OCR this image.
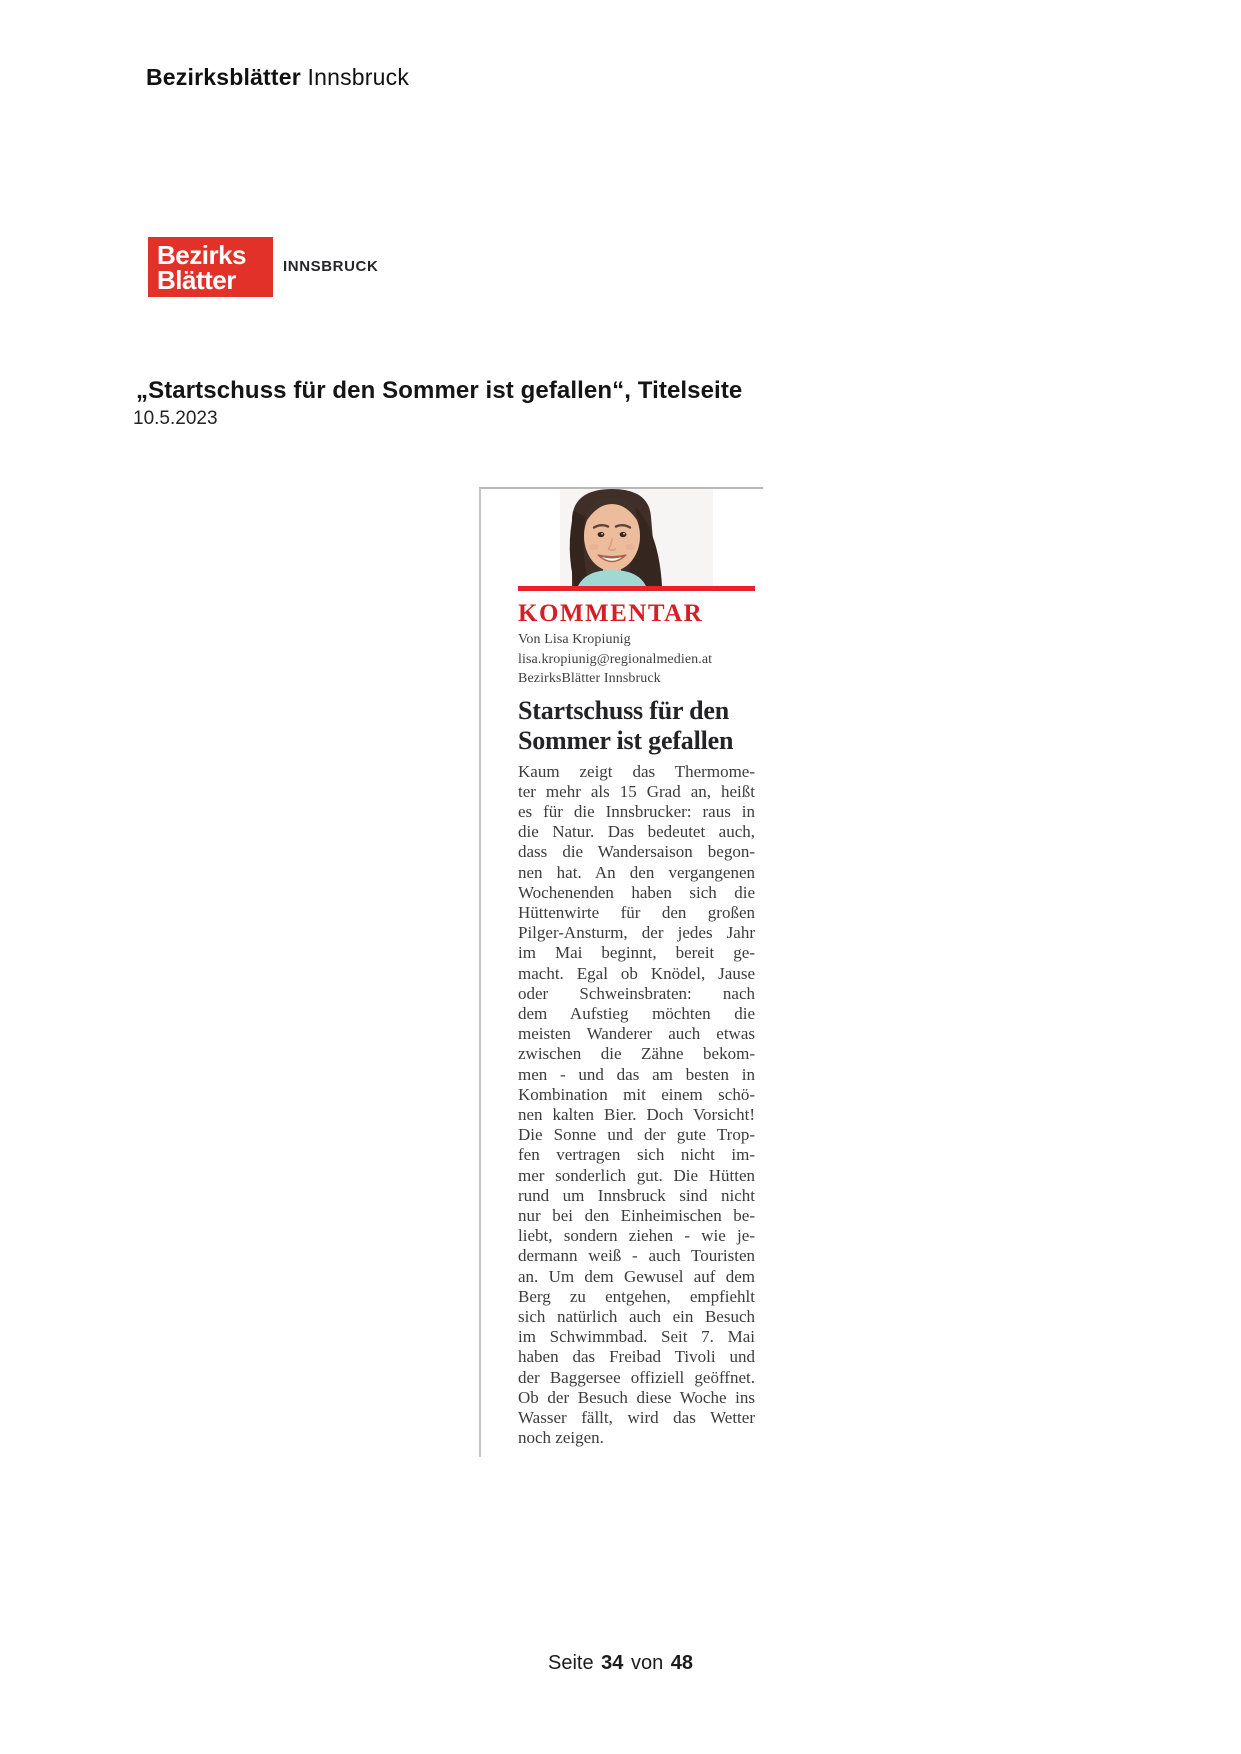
Bezirksblätter Innsbruck
Bezirks
Blätter	INNSBRUCK
„Startschuss für den Sommer ist gefallen“, Titelseite
10.5.2023
KOMMENTAR
Von Lisa Kropiunig
lisa.kropiunig@regionalmedien.at
BezirksBlätter Innsbruck
Startschuss für den
Sommer ist gefallen
Kaum zeigt das Thermome-
ter mehr als 15 Grad an, heißt
es für die Innsbrucker: raus in
die Natur. Das bedeutet auch,
dass die Wandersaison begon-
nen hat. An den vergangenen
Wochenenden haben sich die
Hüttenwirte für den großen
Pilger-Ansturm, der jedes Jahr
im Mai beginnt, bereit ge-
macht. Egal ob Knödel, Jause
oder Schweinsbraten: nach
dem Aufstieg möchten die
meisten Wanderer auch etwas
zwischen die Zähne bekom-
men - und das am besten in
Kombination mit einem schö-
nen kalten Bier. Doch Vorsicht!
Die Sonne und der gute Trop-
fen vertragen sich nicht im-
mer sonderlich gut. Die Hütten
rund um Innsbruck sind nicht
nur bei den Einheimischen be-
liebt, sondern ziehen - wie je-
dermann weiß - auch Touristen
an. Um dem Gewusel auf dem
Berg zu entgehen, empfiehlt
sich natürlich auch ein Besuch
im Schwimmbad. Seit 7. Mai
haben das Freibad Tivoli und
der Baggersee offiziell geöffnet.
Ob der Besuch diese Woche ins
Wasser fällt, wird das Wetter
noch zeigen.
Seite 34 von 48
